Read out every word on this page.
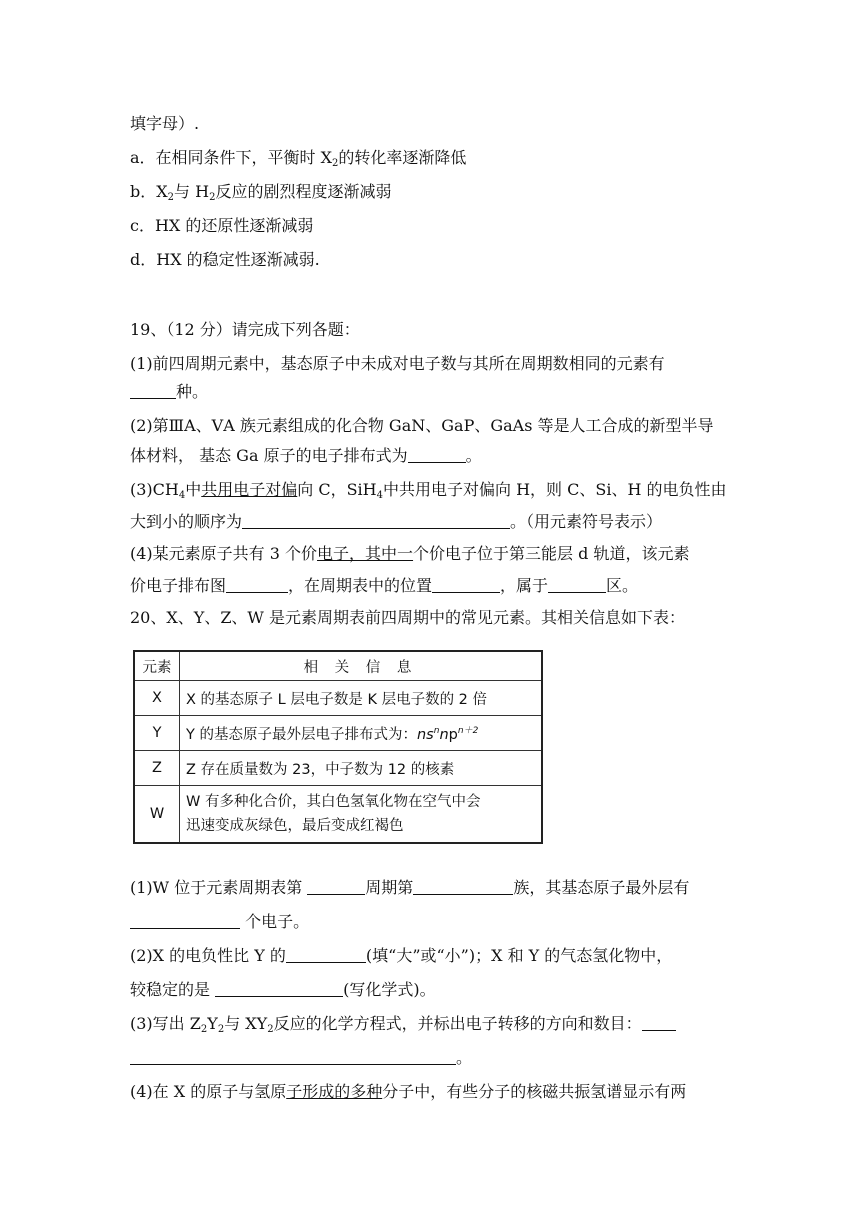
填字母）.
a．在相同条件下，平衡时 $X_2$的转化率逐渐降低
b．$X_2$与 $H_2$反应的剧烈程度逐渐减弱
c．HX 的还原性逐渐减弱
d．HX 的稳定性逐渐减弱.
19、（12 分）请完成下列各题：
(1)前四周期元素中，基态原子中未成对电子数与其所在周期数相同的元素有
种。
(2)第ⅢA、ⅤA 族元素组成的化合物 GaN、GaP、GaAs 等是人工合成的新型半导
体材料， 基态 Ga 原子的电子排布式为	。
$(3)CH_4$中共用电子对偏向 C，SiH$_4$中共用电子对偏向 H，则 C、Si、H 的电负性由
大到小的顺序为	。（用元素符号表示）
(4)某元素原子共有 3 个价电子，其中一个价电子位于第三能层 d 轨道，该元素
价电子排布图	，在周期表中的位置	，属于	区。
20、X、Y、Z、W 是元素周期表前四周期中的常见元素。其相关信息如下表：
元素	相 关 信 息
X	X 的基态原子 L 层电子数是 K 层电子数的 2 倍
Y	Y 的基态原子最外层电子排布式为：$ns^nnp^{n+2}$
Z	Z 存在质量数为 23，中子数为 12 的核素
W	W 有多种化合价，其白色氢氧化物在空气中会
迅速变成灰绿色，最后变成红褐色
(1)W 位于元素周期表第	周期第	族，其基态原子最外层有
个电子。
(2)X 的电负性比 Y 的	(填“大”或“小”)；X 和 Y 的气态氢化物中，
较稳定的是	(写化学式)。
(3)写出 $Z_2Y_2$与 $XY_2$反应的化学方程式，并标出电子转移的方向和数目：
。
(4)在 X 的原子与氢原子形成的多种分子中，有些分子的核磁共振氢谱显示有两
